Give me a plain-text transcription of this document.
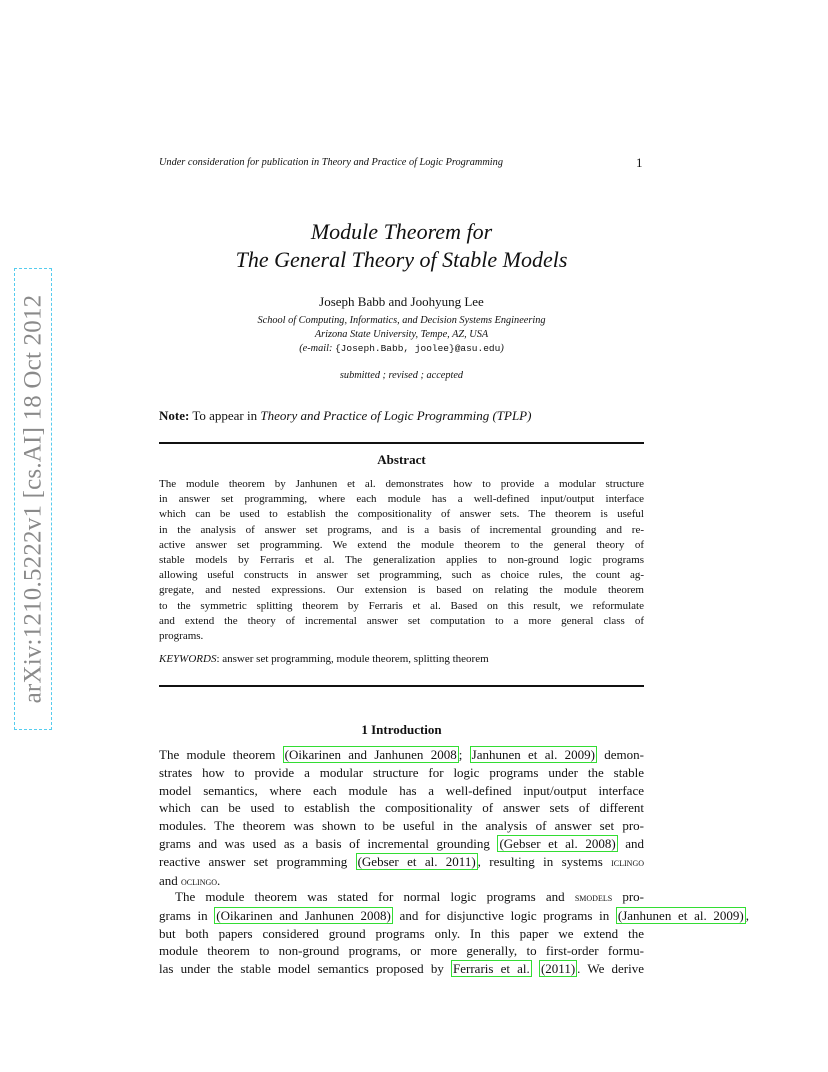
arXiv:1210.5222v1 [cs.AI] 18 Oct 2012
Under consideration for publication in Theory and Practice of Logic Programming	1
Module Theorem for
The General Theory of Stable Models
Joseph Babb and Joohyung Lee
School of Computing, Informatics, and Decision Systems Engineering
Arizona State University, Tempe, AZ, USA
(e-mail: {Joseph.Babb, joolee}@asu.edu)
submitted ; revised ; accepted
Note: To appear in Theory and Practice of Logic Programming (TPLP)
Abstract
The module theorem by Janhunen et al. demonstrates how to provide a modular structure
in answer set programming, where each module has a well-defined input/output interface
which can be used to establish the compositionality of answer sets. The theorem is useful
in the analysis of answer set programs, and is a basis of incremental grounding and re-
active answer set programming. We extend the module theorem to the general theory of
stable models by Ferraris et al. The generalization applies to non-ground logic programs
allowing useful constructs in answer set programming, such as choice rules, the count ag-
gregate, and nested expressions. Our extension is based on relating the module theorem
to the symmetric splitting theorem by Ferraris et al. Based on this result, we reformulate
and extend the theory of incremental answer set computation to a more general class of
programs.
KEYWORDS: answer set programming, module theorem, splitting theorem
1 Introduction
The module theorem (Oikarinen and Janhunen 2008 ; Janhunen et al. 2009) demon-
strates how to provide a modular structure for logic programs under the stable
model semantics, where each module has a well-defined input/output interface
which can be used to establish the compositionality of answer sets of different
modules. The theorem was shown to be useful in the analysis of answer set pro-
grams and was used as a basis of incremental grounding (Gebser et al. 2008) and
reactive answer set programming (Gebser et al. 2011) , resulting in systems iclingo
and oclingo.
The module theorem was stated for normal logic programs and smodels pro-
grams in (Oikarinen and Janhunen 2008) and for disjunctive logic programs in (Janhunen et al. 2009) ,
but both papers considered ground programs only. In this paper we extend the
module theorem to non-ground programs, or more generally, to first-order formu-
las under the stable model semantics proposed by Ferraris et al. (2011) . We derive
